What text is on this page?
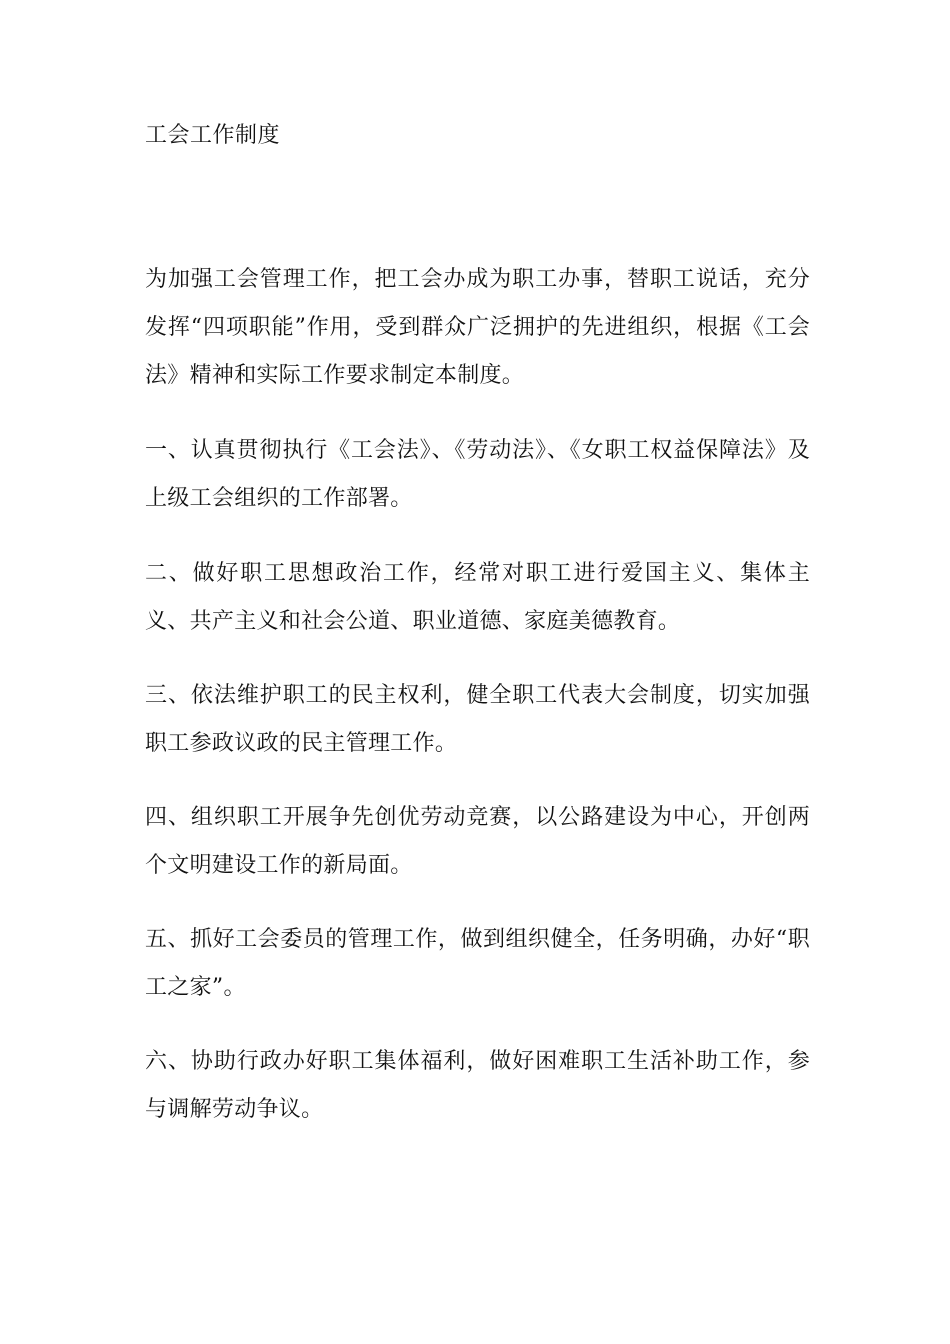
工会工作制度
为加强工会管理工作，把工会办成为职工办事，替职工说话，充分发挥“四项职能”作用，受到群众广泛拥护的先进组织，根据《工会法》精神和实际工作要求制定本制度。
一、认真贯彻执行《工会法》、《劳动法》、《女职工权益保障法》及上级工会组织的工作部署。
二、做好职工思想政治工作，经常对职工进行爱国主义、集体主义、共产主义和社会公道、职业道德、家庭美德教育。
三、依法维护职工的民主权利，健全职工代表大会制度，切实加强职工参政议政的民主管理工作。
四、组织职工开展争先创优劳动竞赛，以公路建设为中心，开创两个文明建设工作的新局面。
五、抓好工会委员的管理工作，做到组织健全，任务明确，办好“职工之家”。
六、协助行政办好职工集体福利，做好困难职工生活补助工作，参与调解劳动争议。
